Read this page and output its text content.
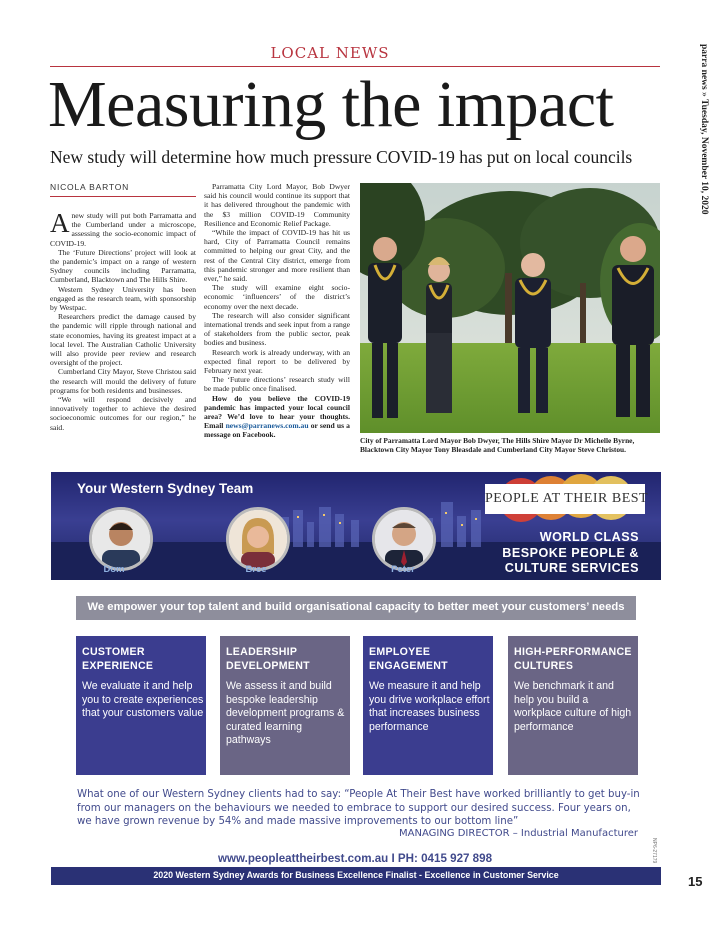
LOCAL NEWS
Measuring the impact
New study will determine how much pressure COVID-19 has put on local councils
parra news » Tuesday, November 10, 2020
NICOLA BARTON

Anew study will put both Parramatta and the Cumberland under a microscope, assessing the socio-economic impact of COVID-19.

The ‘Future Directions’ project will look at the pandemic’s impact on a range of western Sydney councils including Parramatta, Cumberland, Blacktown and The Hills Shire.

Western Sydney University has been engaged as the research team, with sponsorship by Westpac.

Researchers predict the damage caused by the pandemic will ripple through national and state economies, having its greatest impact at a local level. The Australian Catholic University will also provide peer review and research oversight of the project.

Cumberland City Mayor, Steve Christou said the research will mould the delivery of future programs for both residents and businesses.

“We will respond decisively and innovatively together to achieve the desired socioeconomic outcomes for our region,” he said.

Parramatta City Lord Mayor, Bob Dwyer said his council would continue its support that it has delivered throughout the pandemic with the $3 million COVID-19 Community Resilience and Economic Relief Package.

“While the impact of COVID-19 has hit us hard, City of Parramatta Council remains committed to helping our great City, and the rest of the Central City district, emerge from this pandemic stronger and more resilient than ever,” he said.

The study will examine eight socio-economic ‘influencers’ of the district’s economy over the next decade.

The research will also consider significant international trends and seek input from a range of stakeholders from the public sector, peak bodies and business.

Research work is already underway, with an expected final report to be delivered by February next year.

The ‘Future directions’ research study will be made public once finalised.

How do you believe the COVID-19 pandemic has impacted your local council area? We’d love to hear your thoughts. Email news@parranews.com.au or send us a message on Facebook.

City of Parramatta Lord Mayor Bob Dwyer, The Hills Shire Mayor Dr Michelle Byrne, Blacktown City Mayor Tony Bleasdale and Cumberland City Mayor Steve Christou.
Your Western Sydney Team
Dom	Bree	Peter
PEOPLE AT THEIR BEST
WORLD CLASS
BESPOKE PEOPLE &
CULTURE SERVICES
We empower your top talent and build organisational capacity to better meet your customers’ needs
CUSTOMER EXPERIENCE
We evaluate it and help you to create experiences that your customers value
LEADERSHIP DEVELOPMENT
We assess it and build bespoke leadership development programs & curated learning pathways
EMPLOYEE ENGAGEMENT
We measure it and help you drive workplace effort that increases business performance
HIGH-PERFORMANCE CULTURES
We benchmark it and help you build a workplace culture of high performance
What one of our Western Sydney clients had to say: “People At Their Best have worked brilliantly to get buy-in from our managers on the behaviours we needed to embrace to support our desired success. Four years on, we have grown revenue by 54% and made massive improvements to our bottom line”
MANAGING DIRECTOR – Industrial Manufacturer
NP6-27179
www.peopleattheirbest.com.au I PH: 0415 927 898
2020 Western Sydney Awards for Business Excellence Finalist - Excellence in Customer Service	15
